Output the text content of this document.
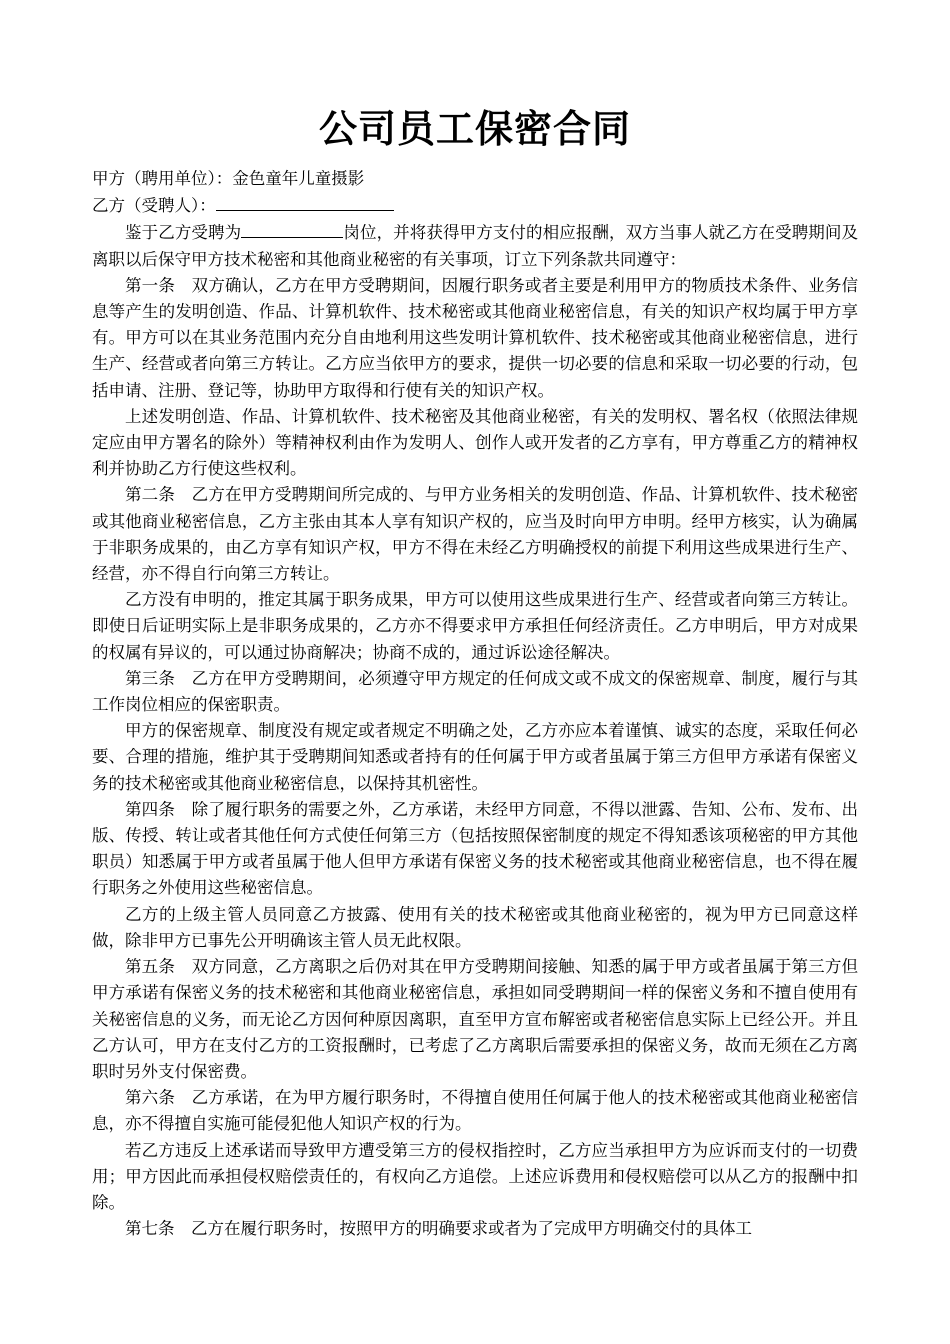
公司员工保密合同

甲方（聘用单位）：金色童年儿童摄影

乙方（受聘人）：

鉴于乙方受聘为	岗位，并将获得甲方支付的相应报酬，双方当事人就乙方在受聘期间及离职以后保守甲方技术秘密和其他商业秘密的有关事项，订立下列条款共同遵守：

第一条　双方确认，乙方在甲方受聘期间，因履行职务或者主要是利用甲方的物质技术条件、业务信息等产生的发明创造、作品、计算机软件、技术秘密或其他商业秘密信息，有关的知识产权均属于甲方享有。甲方可以在其业务范围内充分自由地利用这些发明计算机软件、技术秘密或其他商业秘密信息，进行生产、经营或者向第三方转让。乙方应当依甲方的要求，提供一切必要的信息和采取一切必要的行动，包括申请、注册、登记等，协助甲方取得和行使有关的知识产权。

上述发明创造、作品、计算机软件、技术秘密及其他商业秘密，有关的发明权、署名权（依照法律规定应由甲方署名的除外）等精神权利由作为发明人、创作人或开发者的乙方享有，甲方尊重乙方的精神权利并协助乙方行使这些权利。

第二条　乙方在甲方受聘期间所完成的、与甲方业务相关的发明创造、作品、计算机软件、技术秘密或其他商业秘密信息，乙方主张由其本人享有知识产权的，应当及时向甲方申明。经甲方核实，认为确属于非职务成果的，由乙方享有知识产权，甲方不得在未经乙方明确授权的前提下利用这些成果进行生产、经营，亦不得自行向第三方转让。

乙方没有申明的，推定其属于职务成果，甲方可以使用这些成果进行生产、经营或者向第三方转让。即使日后证明实际上是非职务成果的，乙方亦不得要求甲方承担任何经济责任。乙方申明后，甲方对成果的权属有异议的，可以通过协商解决；协商不成的，通过诉讼途径解决。

第三条　乙方在甲方受聘期间，必须遵守甲方规定的任何成文或不成文的保密规章、制度，履行与其工作岗位相应的保密职责。

甲方的保密规章、制度没有规定或者规定不明确之处，乙方亦应本着谨慎、诚实的态度，采取任何必要、合理的措施，维护其于受聘期间知悉或者持有的任何属于甲方或者虽属于第三方但甲方承诺有保密义务的技术秘密或其他商业秘密信息，以保持其机密性。

第四条　除了履行职务的需要之外，乙方承诺，未经甲方同意，不得以泄露、告知、公布、发布、出版、传授、转让或者其他任何方式使任何第三方（包括按照保密制度的规定不得知悉该项秘密的甲方其他职员）知悉属于甲方或者虽属于他人但甲方承诺有保密义务的技术秘密或其他商业秘密信息，也不得在履行职务之外使用这些秘密信息。

乙方的上级主管人员同意乙方披露、使用有关的技术秘密或其他商业秘密的，视为甲方已同意这样做，除非甲方已事先公开明确该主管人员无此权限。

第五条　双方同意，乙方离职之后仍对其在甲方受聘期间接触、知悉的属于甲方或者虽属于第三方但甲方承诺有保密义务的技术秘密和其他商业秘密信息，承担如同受聘期间一样的保密义务和不擅自使用有关秘密信息的义务，而无论乙方因何种原因离职，直至甲方宣布解密或者秘密信息实际上已经公开。并且乙方认可，甲方在支付乙方的工资报酬时，已考虑了乙方离职后需要承担的保密义务，故而无须在乙方离职时另外支付保密费。

第六条　乙方承诺，在为甲方履行职务时，不得擅自使用任何属于他人的技术秘密或其他商业秘密信息，亦不得擅自实施可能侵犯他人知识产权的行为。

若乙方违反上述承诺而导致甲方遭受第三方的侵权指控时，乙方应当承担甲方为应诉而支付的一切费用；甲方因此而承担侵权赔偿责任的，有权向乙方追偿。上述应诉费用和侵权赔偿可以从乙方的报酬中扣除。

第七条　乙方在履行职务时，按照甲方的明确要求或者为了完成甲方明确交付的具体工
